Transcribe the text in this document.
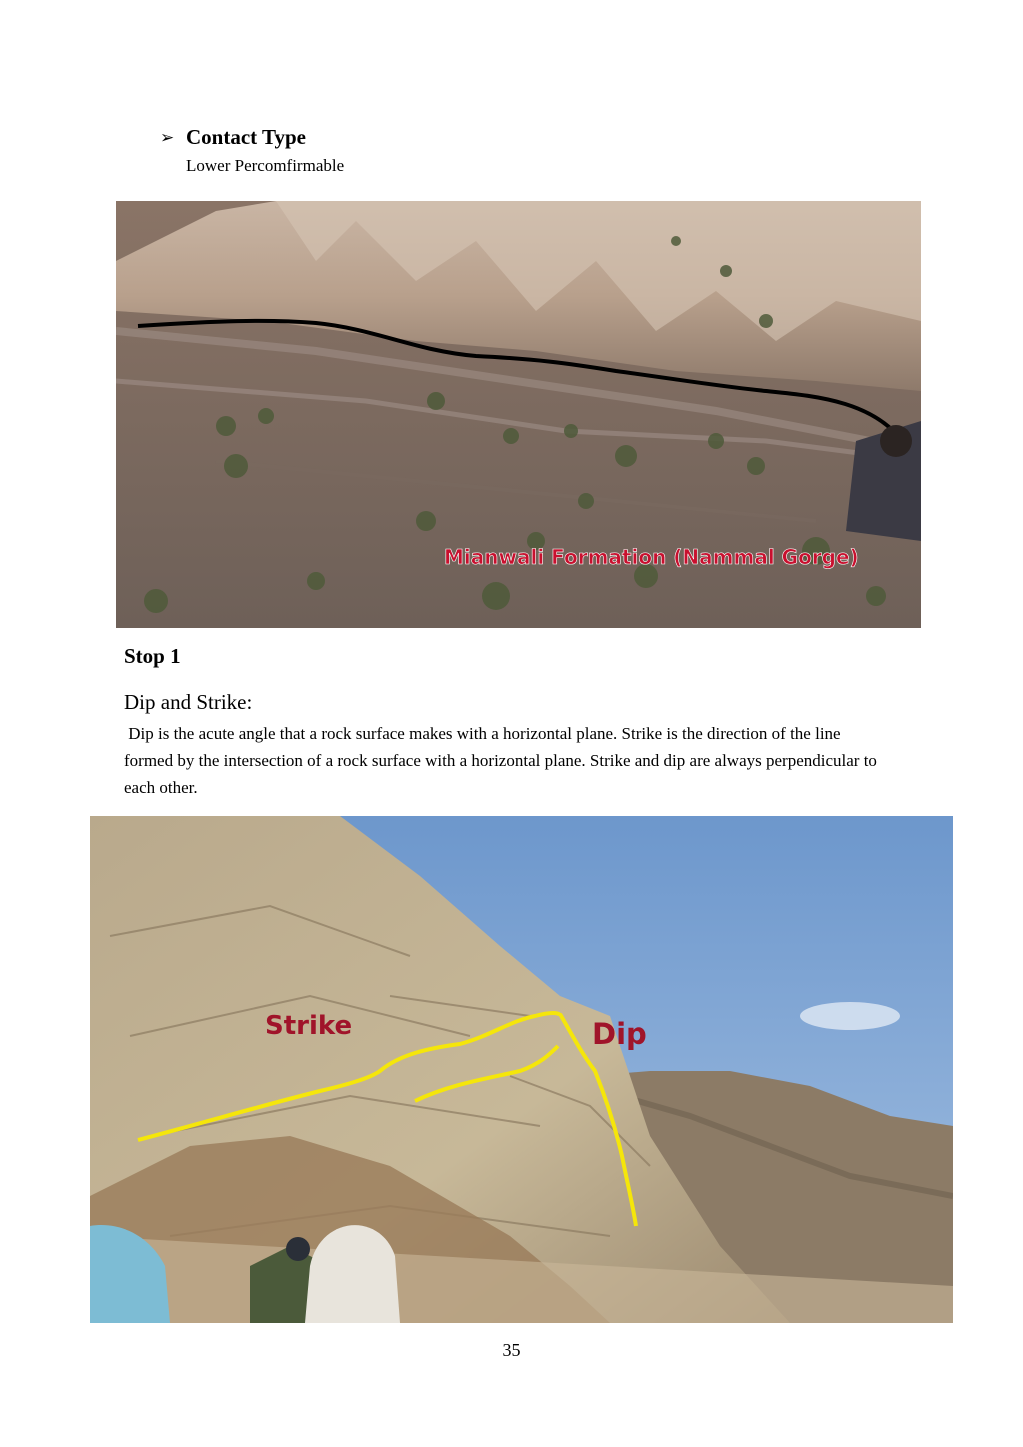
➢ Contact Type
Lower Percomfirmable
Mianwali Formation (Nammal Gorge)
Stop 1
Dip and Strike:
Dip is the acute angle that a rock surface makes with a horizontal plane. Strike is the direction of the line formed by the intersection of a rock surface with a horizontal plane. Strike and dip are always perpendicular to each other.
Strike	Dip
35
